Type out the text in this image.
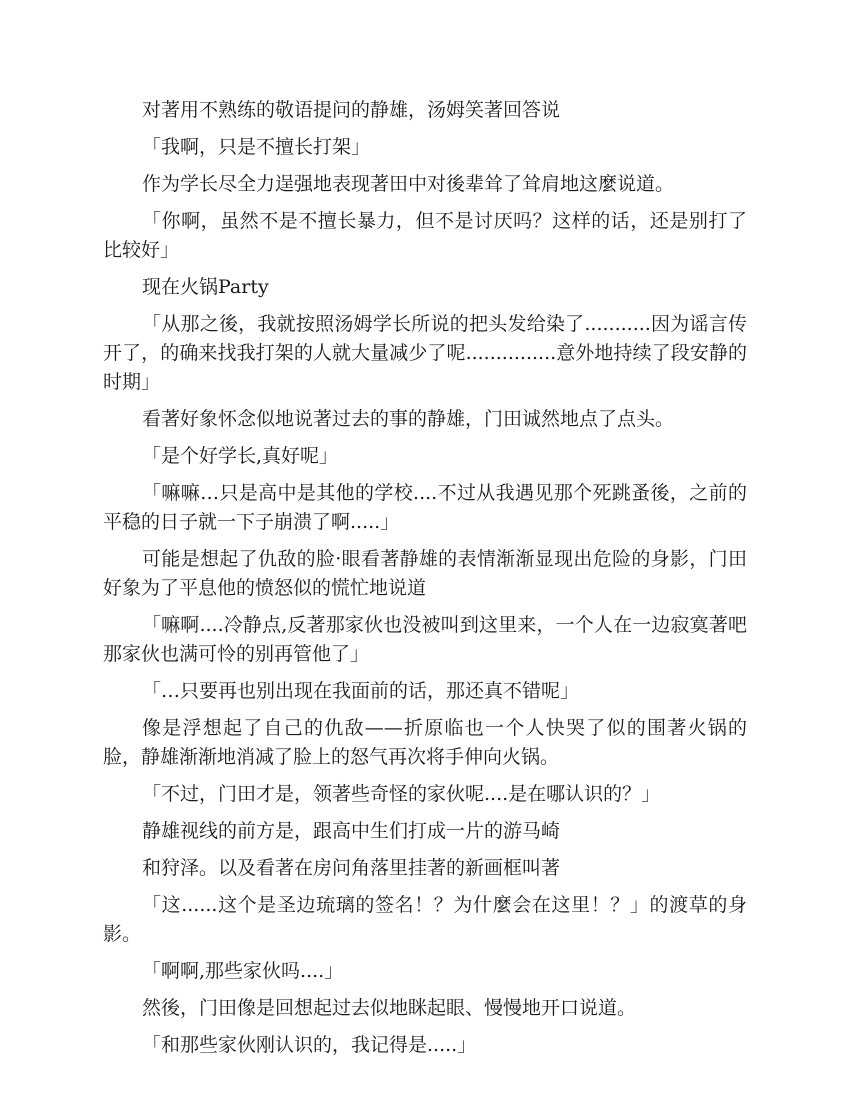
对著用不熟练的敬语提问的静雄，汤姆笑著回答说

「我啊，只是不擅长打架」

作为学长尽全力逞强地表现著田中对後辈耸了耸肩地这麼说道。

「你啊，虽然不是不擅长暴力，但不是讨厌吗？这样的话，还是别打了比较好」

现在火锅Party

「从那之後，我就按照汤姆学长所说的把头发给染了...........因为谣言传开了，的确来找我打架的人就大量减少了呢...............意外地持续了段安静的时期」

看著好象怀念似地说著过去的事的静雄，门田诚然地点了点头。

「是个好学长,真好呢」

「嘛嘛…只是高中是其他的学校....不过从我遇见那个死跳蚤後，之前的平稳的日子就一下子崩溃了啊.....」

可能是想起了仇敌的脸·眼看著静雄的表情渐渐显现出危险的身影，门田好象为了平息他的愤怒似的慌忙地说道

「嘛啊....冷静点,反著那家伙也没被叫到这里来，一个人在一边寂寞著吧那家伙也满可怜的别再管他了」

「…只要再也别出现在我面前的话，那还真不错呢」

像是浮想起了自己的仇敌——折原临也一个人快哭了似的围著火锅的脸，静雄渐渐地消减了脸上的怒气再次将手伸向火锅。

「不过，门田才是，领著些奇怪的家伙呢....是在哪认识的？」

静雄视线的前方是，跟高中生们打成一片的游马崎

和狩泽。以及看著在房问角落里挂著的新画框叫著

「这......这个是圣边琉璃的签名！？为什麼会在这里！？」的渡草的身影。

「啊啊,那些家伙吗....」

然後，门田像是回想起过去似地眯起眼、慢慢地开口说道。

「和那些家伙刚认识的，我记得是.....」
